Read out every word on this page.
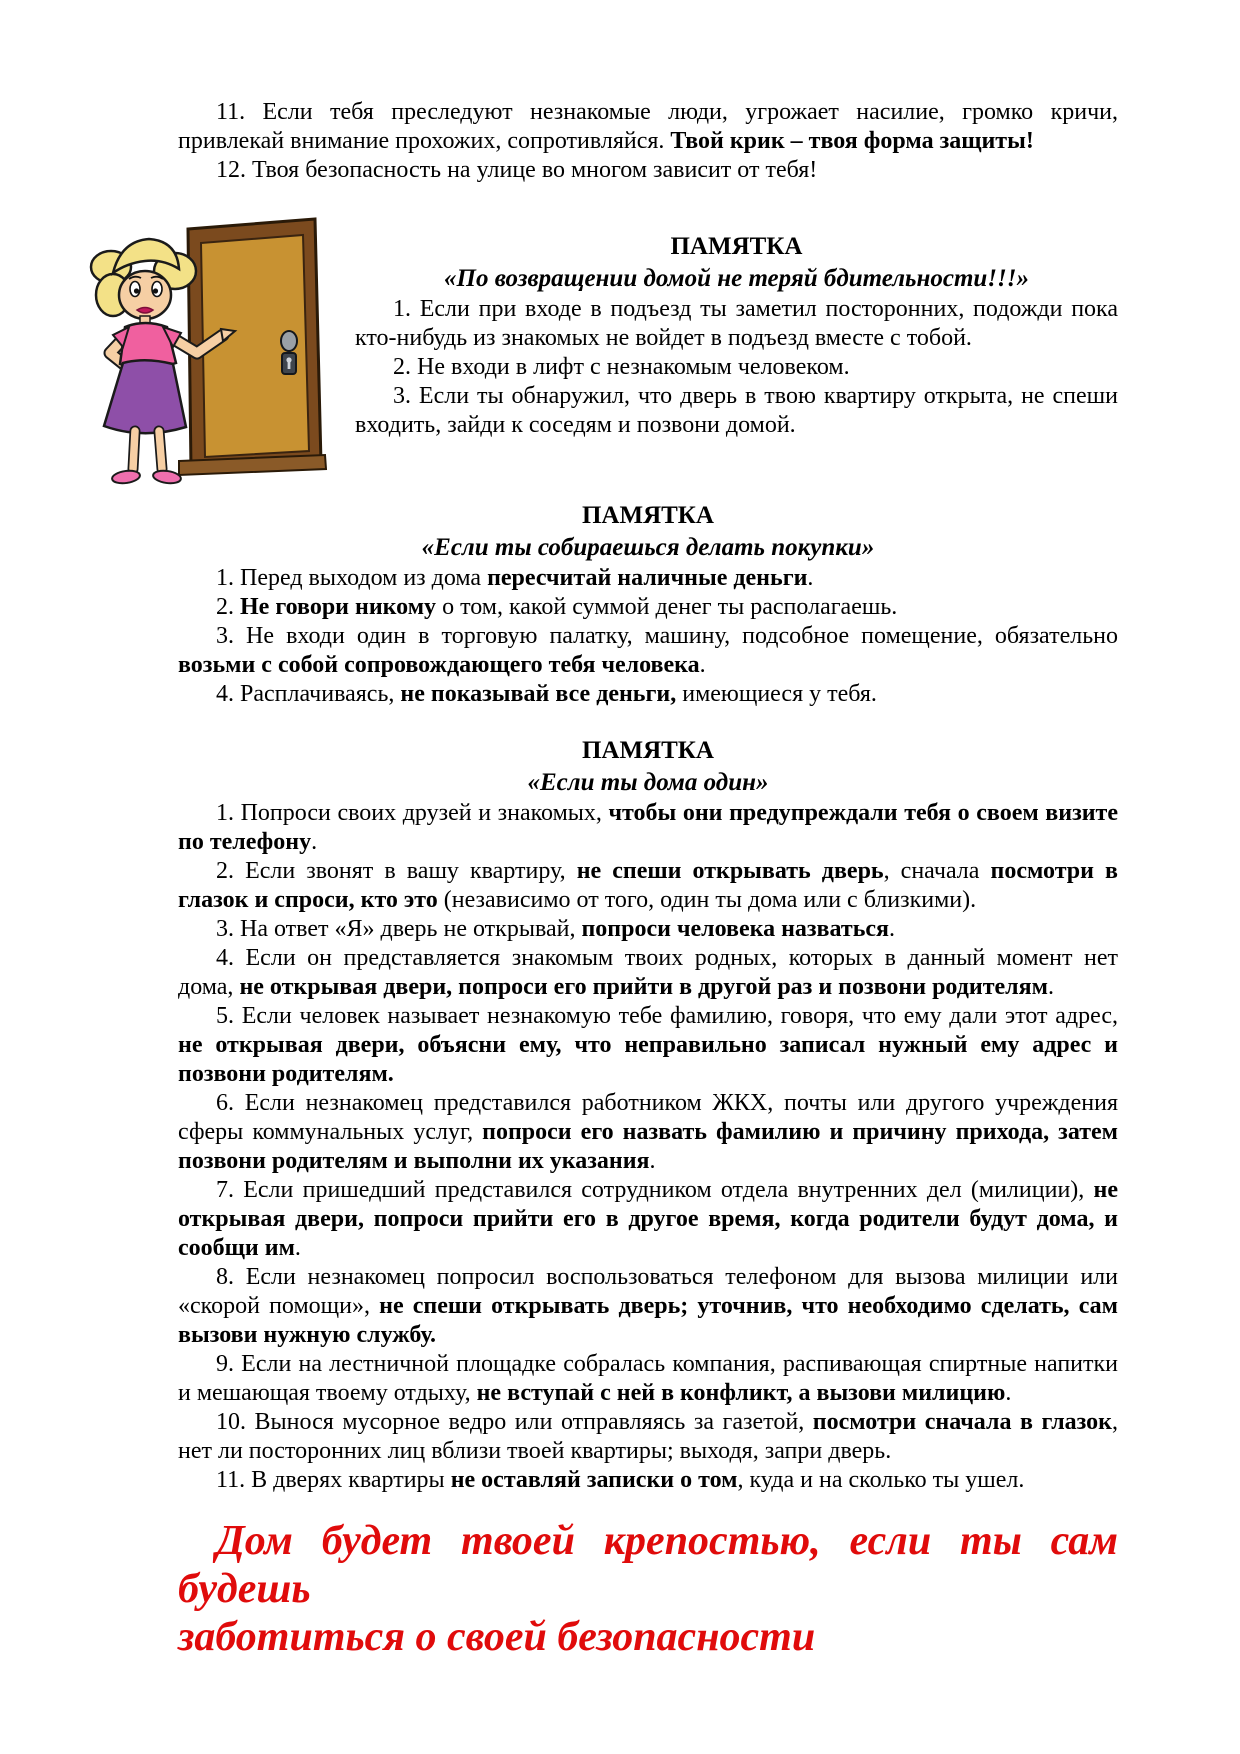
11. Если тебя преследуют незнакомые люди, угрожает насилие, громко кричи, привлекай внимание прохожих, сопротивляйся. Твой крик – твоя форма защиты!

12. Твоя безопасность на улице во многом зависит от тебя!

ПАМЯТКА
«По возвращении домой не теряй бдительности!!!»

1. Если при входе в подъезд ты заметил посторонних, подожди пока кто-нибудь из знакомых не войдет в подъезд вместе с тобой.

2. Не входи в лифт с незнакомым человеком.

3. Если ты обнаружил, что дверь в твою квартиру открыта, не спеши входить, зайди к соседям и позвони домой.

ПАМЯТКА
«Если ты собираешься делать покупки»

1. Перед выходом из дома пересчитай наличные деньги.

2. Не говори никому о том, какой суммой денег ты располагаешь.

3. Не входи один в торговую палатку, машину, подсобное помещение, обязательно возьми с собой сопровождающего тебя человека.

4. Расплачиваясь, не показывай все деньги, имеющиеся у тебя.

ПАМЯТКА
«Если ты дома один»

1. Попроси своих друзей и знакомых, чтобы они предупреждали тебя о своем визите по телефону.

2. Если звонят в вашу квартиру, не спеши открывать дверь, сначала посмотри в глазок и спроси, кто это (независимо от того, один ты дома или с близкими).

3. На ответ «Я» дверь не открывай, попроси человека назваться.

4. Если он представляется знакомым твоих родных, которых в данный момент нет дома, не открывая двери, попроси его прийти в другой раз и позвони родителям.

5. Если человек называет незнакомую тебе фамилию, говоря, что ему дали этот адрес, не открывая двери, объясни ему, что неправильно записал нужный ему адрес и позвони родителям.

6. Если незнакомец представился работником ЖКХ, почты или другого учреждения сферы коммунальных услуг, попроси его назвать фамилию и причину прихода, затем позвони родителям и выполни их указания.

7. Если пришедший представился сотрудником отдела внутренних дел (милиции), не открывая двери, попроси прийти его в другое время, когда родители будут дома, и сообщи им.

8. Если незнакомец попросил воспользоваться телефоном для вызова милиции или «скорой помощи», не спеши открывать дверь; уточнив, что необходимо сделать, сам вызови нужную службу.

9. Если на лестничной площадке собралась компания, распивающая спиртные напитки и мешающая твоему отдыху, не вступай с ней в конфликт, а вызови милицию.

10. Вынося мусорное ведро или отправляясь за газетой, посмотри сначала в глазок, нет ли посторонних лиц вблизи твоей квартиры; выходя, запри дверь.

11. В дверях квартиры не оставляй записки о том, куда и на сколько ты ушел.

Дом будет твоей крепостью, если ты сам будешь
заботиться о своей безопасности
